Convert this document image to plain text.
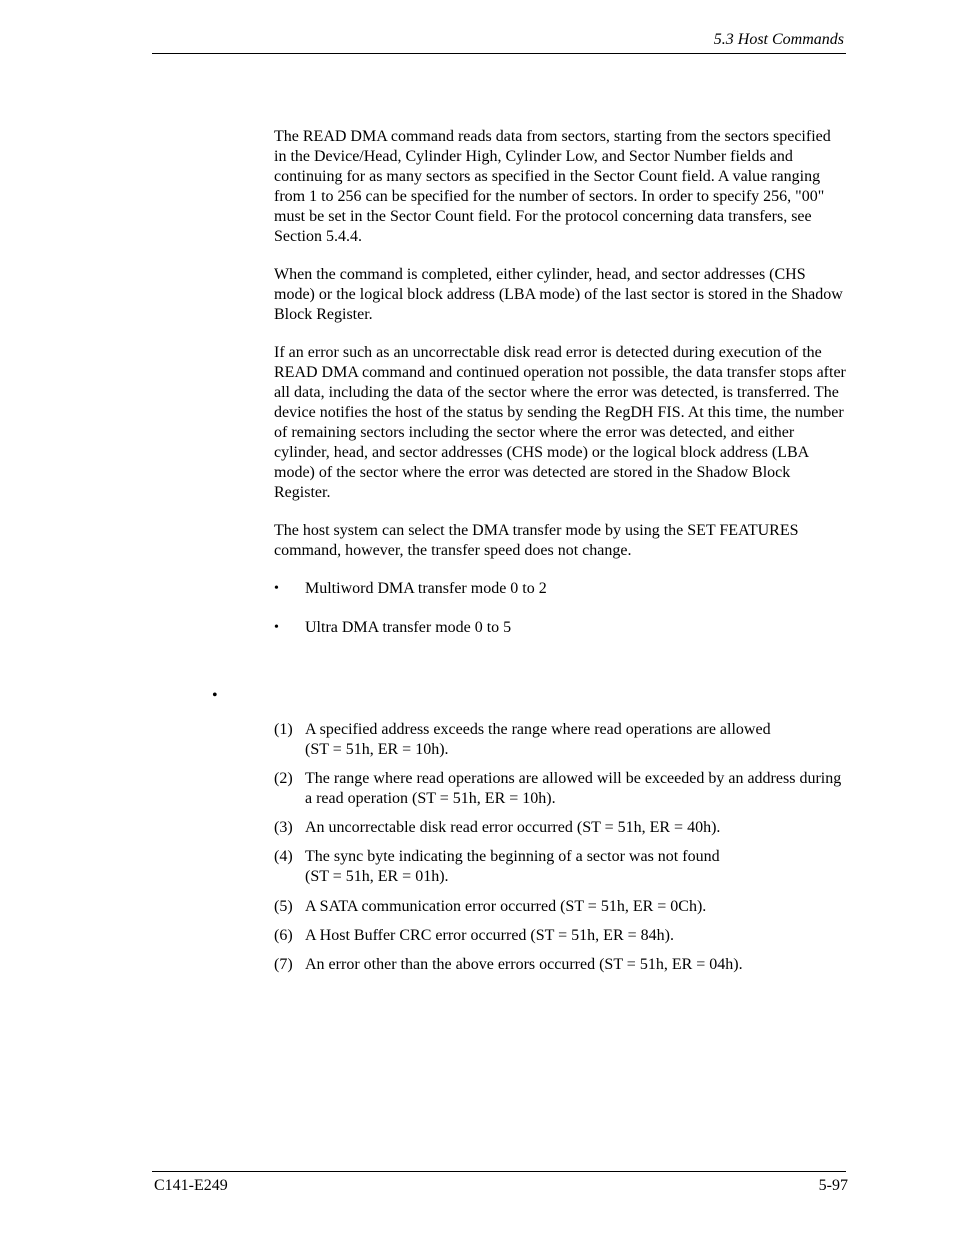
5.3 Host Commands

The READ DMA command reads data from sectors, starting from the sectors specified in the Device/Head, Cylinder High, Cylinder Low, and Sector Number fields and continuing for as many sectors as specified in the Sector Count field. A value ranging from 1 to 256 can be specified for the number of sectors. In order to specify 256, "00" must be set in the Sector Count field. For the protocol concerning data transfers, see Section 5.4.4.

When the command is completed, either cylinder, head, and sector addresses (CHS mode) or the logical block address (LBA mode) of the last sector is stored in the Shadow Block Register.

If an error such as an uncorrectable disk read error is detected during execution of the READ DMA command and continued operation not possible, the data transfer stops after all data, including the data of the sector where the error was detected, is transferred. The device notifies the host of the status by sending the RegDH FIS. At this time, the number of remaining sectors including the sector where the error was detected, and either cylinder, head, and sector addresses (CHS mode) or the logical block address (LBA mode) of the sector where the error was detected are stored in the Shadow Block Register.

The host system can select the DMA transfer mode by using the SET FEATURES command, however, the transfer speed does not change.

• Multiword DMA transfer mode 0 to 2
• Ultra DMA transfer mode 0 to 5
•
(1) A specified address exceeds the range where read operations are allowed
(ST = 51h, ER = 10h).
(2) The range where read operations are allowed will be exceeded by an address during a read operation (ST = 51h, ER = 10h).
(3) An uncorrectable disk read error occurred (ST = 51h, ER = 40h).
(4) The sync byte indicating the beginning of a sector was not found
(ST = 51h, ER = 01h).
(5) A SATA communication error occurred (ST = 51h, ER = 0Ch).
(6) A Host Buffer CRC error occurred (ST = 51h, ER = 84h).
(7) An error other than the above errors occurred (ST = 51h, ER = 04h).
C141-E249	5-97
